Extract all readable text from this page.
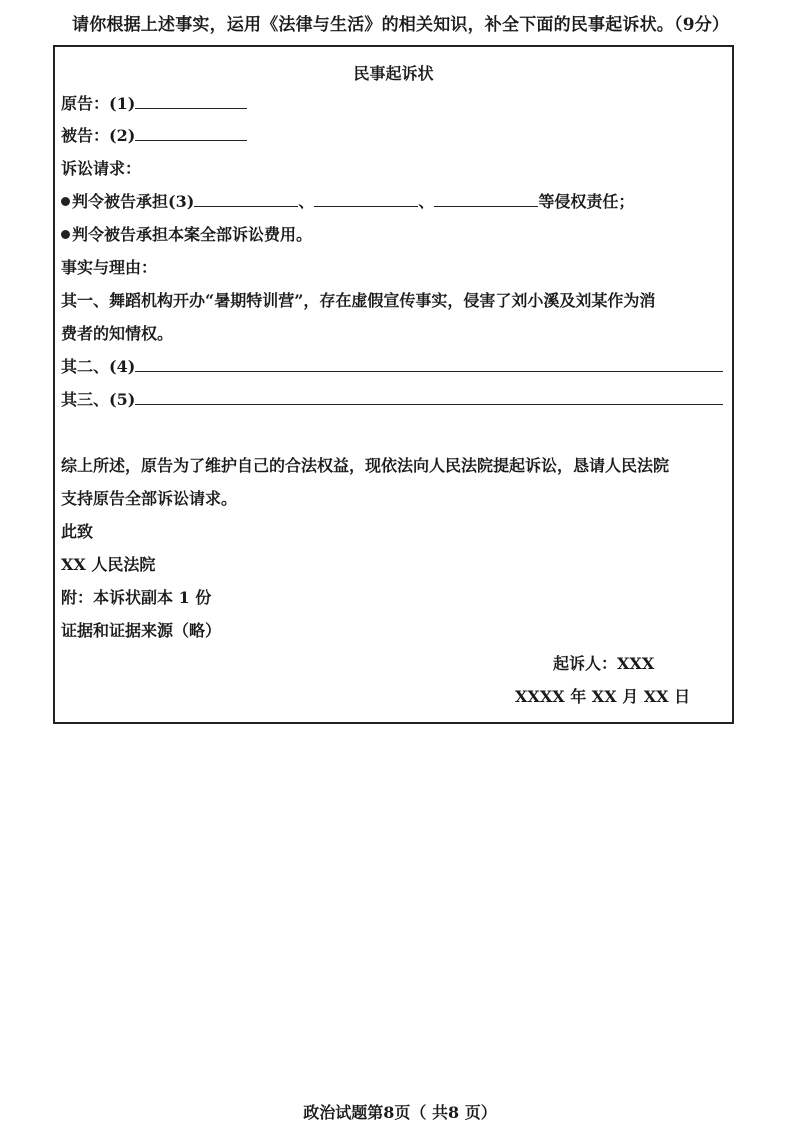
请你根据上述事实，运用《法律与生活》的相关知识，补全下面的民事起诉状。（9分）
民事起诉状
原告：(1)
被告：(2)
诉讼请求：
判令被告承担(3)	、	、	等侵权责任；
判令被告承担本案全部诉讼费用。
事实与理由：
其一、舞蹈机构开办“暑期特训营”，存在虚假宣传事实，侵害了刘小溪及刘某作为消
费者的知情权。
其二、(4)
其三、(5)
综上所述，原告为了维护自己的合法权益，现依法向人民法院提起诉讼，恳请人民法院
支持原告全部诉讼请求。
此致
XX 人民法院
附：本诉状副本 1 份
证据和证据来源（略）
起诉人：XXX
XXXX 年 XX 月 XX 日
政治试题第8页（ 共8 页）
